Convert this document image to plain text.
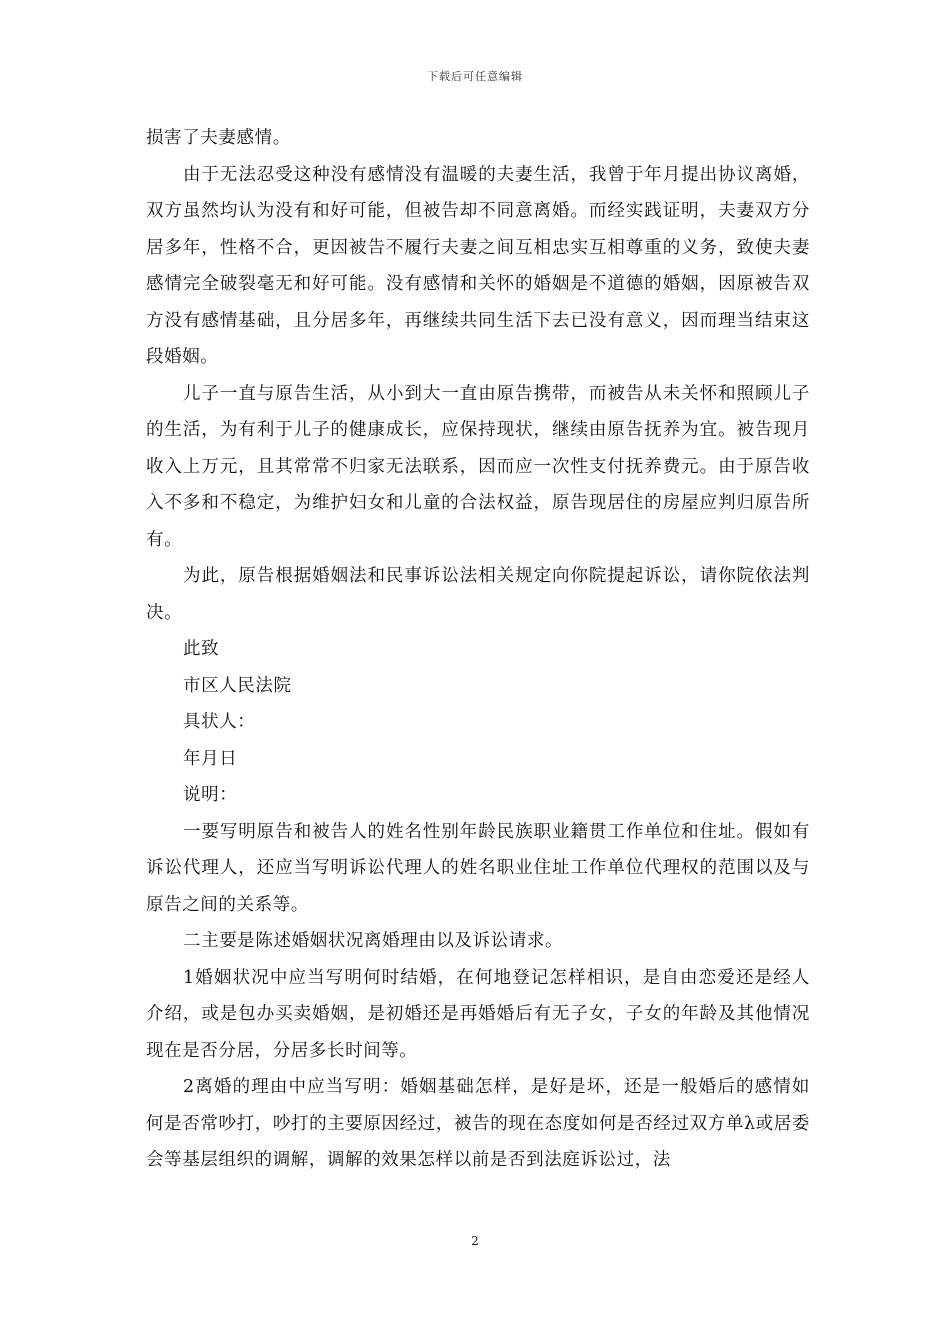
下载后可任意编辑

损害了夫妻感情。

由于无法忍受这种没有感情没有温暖的夫妻生活，我曾于年月提出协议离婚，双方虽然均认为没有和好可能，但被告却不同意离婚。而经实践证明，夫妻双方分居多年，性格不合，更因被告不履行夫妻之间互相忠实互相尊重的义务，致使夫妻感情完全破裂毫无和好可能。没有感情和关怀的婚姻是不道德的婚姻，因原被告双方没有感情基础，且分居多年，再继续共同生活下去已没有意义，因而理当结束这段婚姻。

儿子一直与原告生活，从小到大一直由原告携带，而被告从未关怀和照顾儿子的生活，为有利于儿子的健康成长，应保持现状，继续由原告抚养为宜。被告现月收入上万元，且其常常不归家无法联系，因而应一次性支付抚养费元。由于原告收入不多和不稳定，为维护妇女和儿童的合法权益，原告现居住的房屋应判归原告所有。

为此，原告根据婚姻法和民事诉讼法相关规定向你院提起诉讼，请你院依法判决。

此致

市区人民法院

具状人：

年月日

说明：

一要写明原告和被告人的姓名性别年龄民族职业籍贯工作单位和住址。假如有诉讼代理人，还应当写明诉讼代理人的姓名职业住址工作单位代理权的范围以及与原告之间的关系等。

二主要是陈述婚姻状况离婚理由以及诉讼请求。

1婚姻状况中应当写明何时结婚，在何地登记怎样相识，是自由恋爱还是经人介绍，或是包办买卖婚姻，是初婚还是再婚婚后有无子女，子女的年龄及其他情况现在是否分居，分居多长时间等。

2离婚的理由中应当写明：婚姻基础怎样，是好是坏，还是一般婚后的感情如何是否常吵打，吵打的主要原因经过，被告的现在态度如何是否经过双方单λ或居委会等基层组织的调解，调解的效果怎样以前是否到法庭诉讼过，法

2
